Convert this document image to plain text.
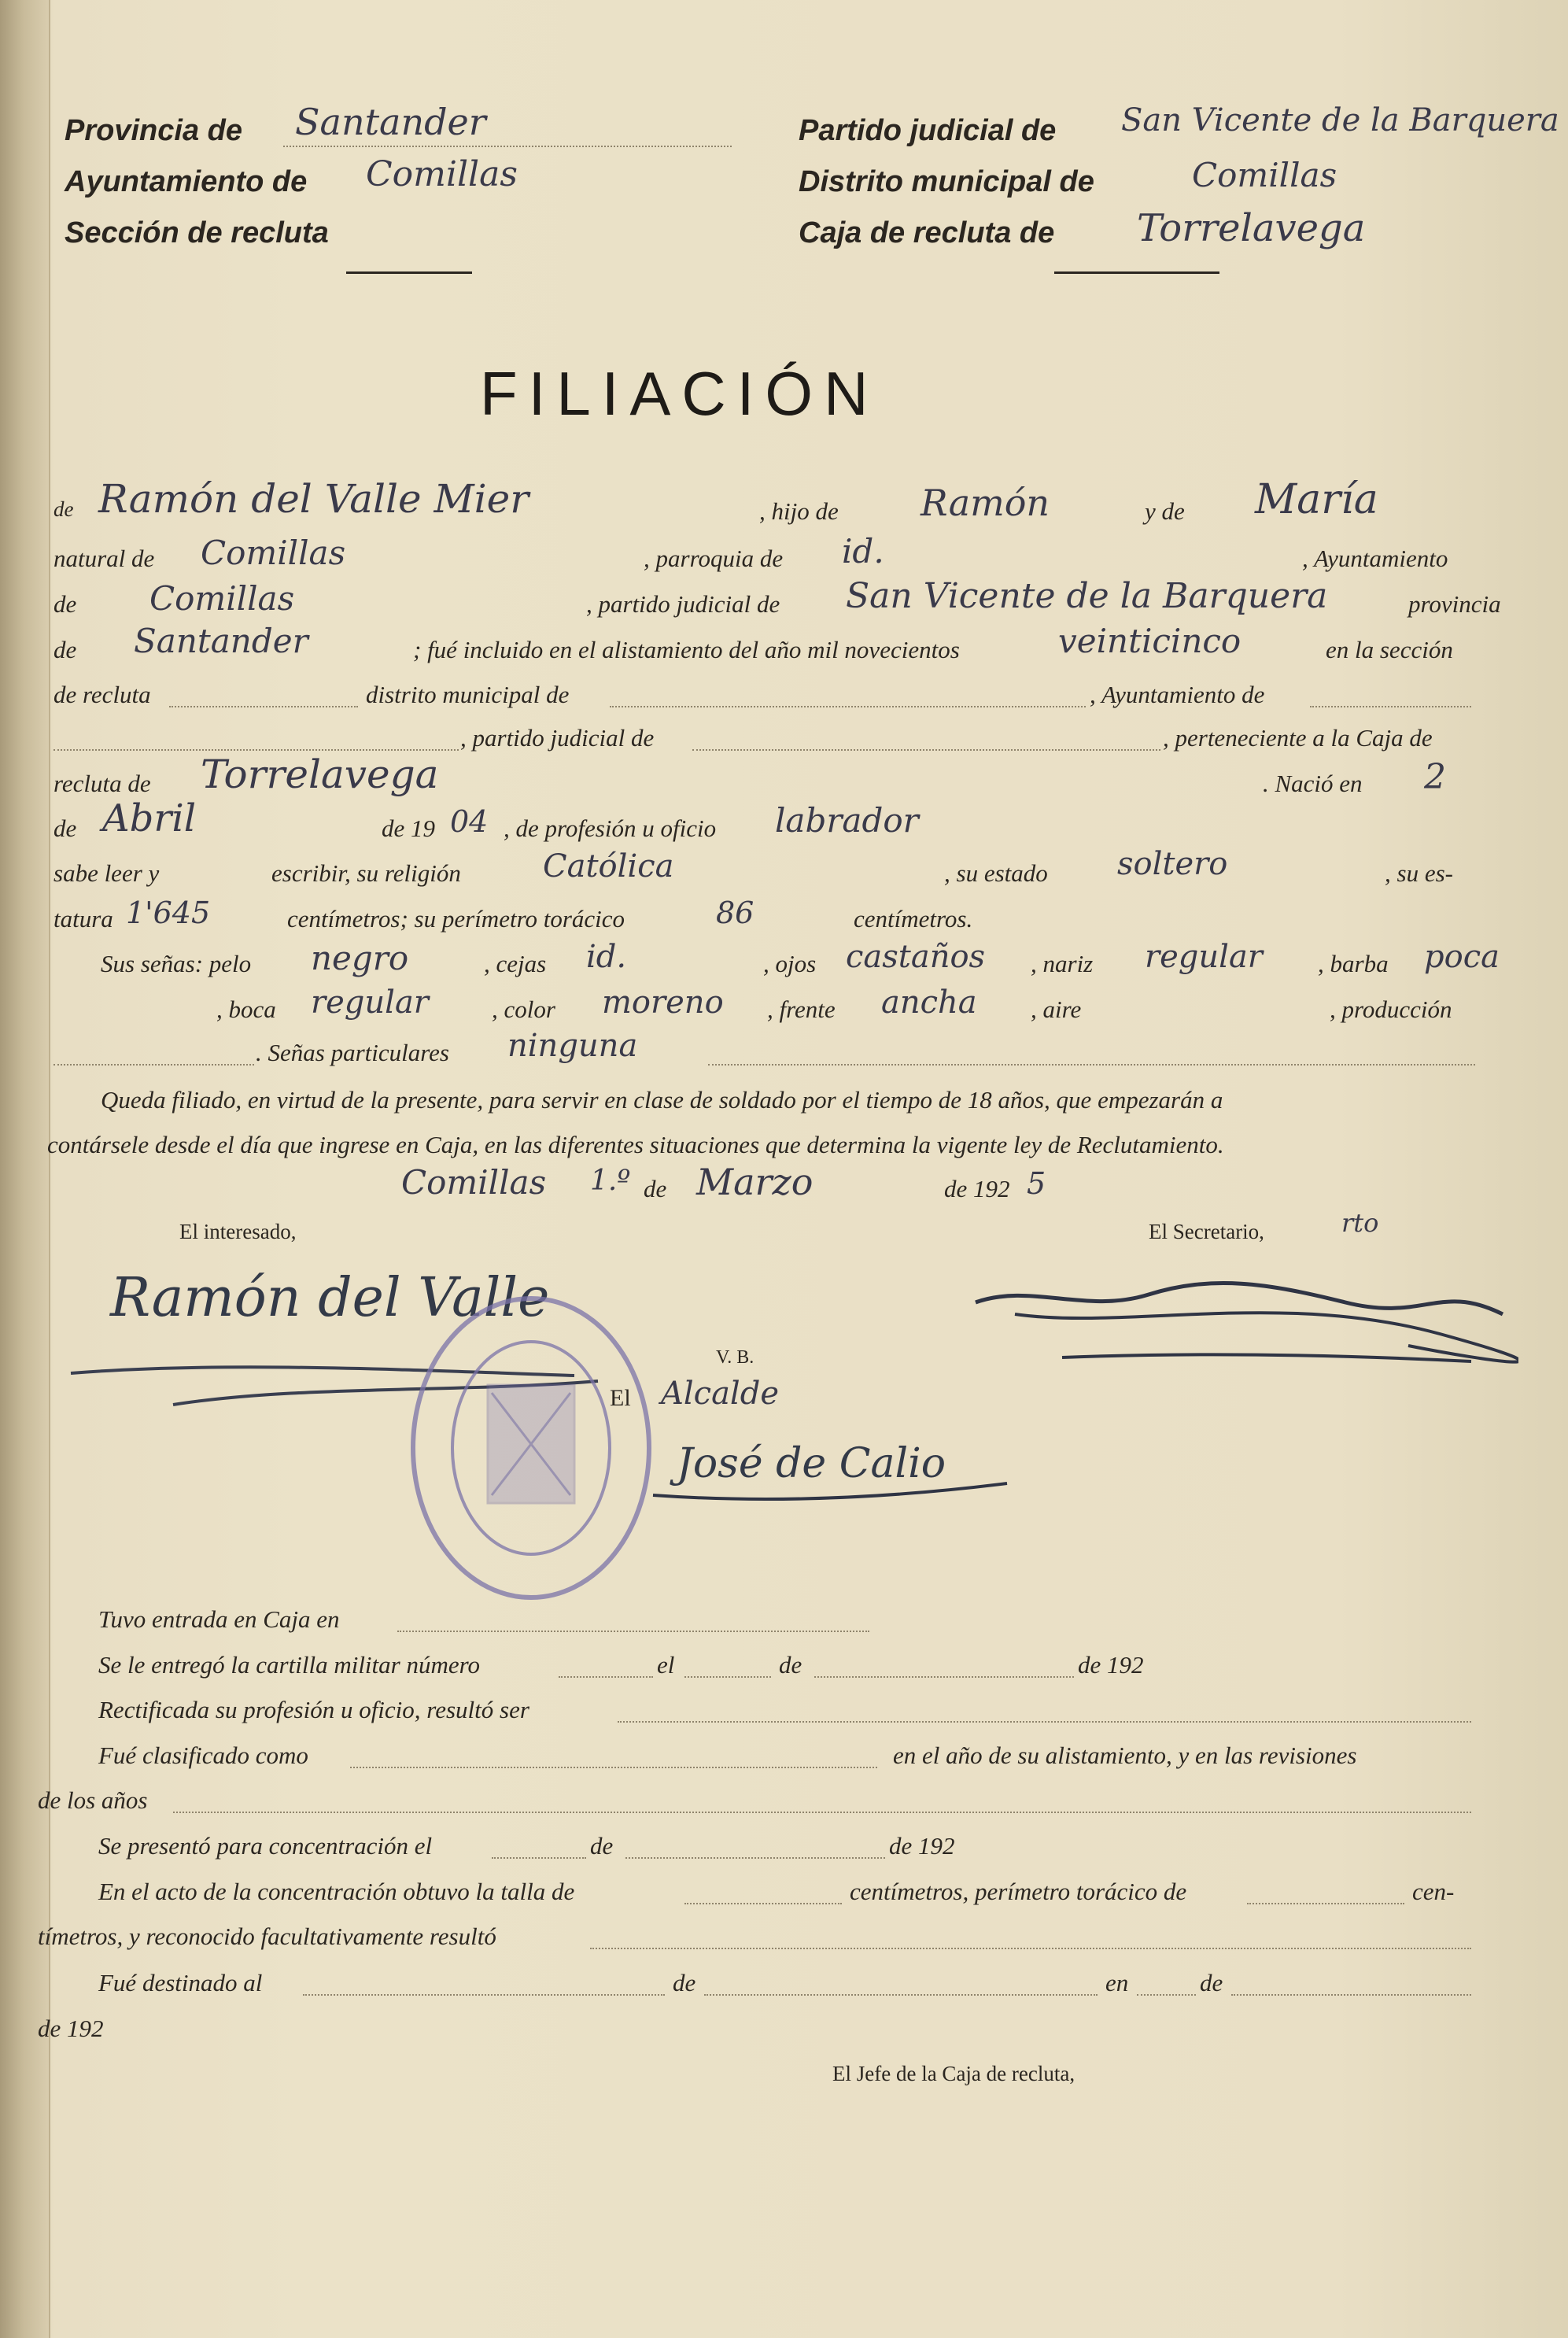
Provincia de Santander
Ayuntamiento de Comillas
Sección de recluta
Partido judicial de San Vicente de la Barquera
Distrito municipal de	Comillas
Caja de recluta de Torrelavega
FILIACIÓN
de Ramón del Valle Mier	, hijo de Ramón	y de María
natural de Comillas	, parroquia de id.	, Ayuntamiento
de Comillas	, partido judicial de San Vicente de la Barquera	provincia
de Santander	; fué incluido en el alistamiento del año mil novecientos	veinticinco	en la sección
de recluta	distrito municipal de	, Ayuntamiento de
, partido judicial de	, perteneciente a la Caja de
recluta de Torrelavega	. Nació en 2
de Abril	de 19 04 , de profesión u oficio labrador
sabe leer y	escribir, su religión	Católica	, su estado soltero	, su es-
tatura 1'645	centímetros; su perímetro torácico	86	centímetros.
Sus señas: pelo negro	, cejas id.	, ojos castaños , nariz regular , barba poca
, boca regular	, color moreno , frente ancha , aire	, producción
. Señas particulares ninguna
Queda filiado, en virtud de la presente, para servir en clase de soldado por el tiempo de 18 años, que empezarán a
contársele desde el día que ingrese en Caja, en las diferentes situaciones que determina la vigente ley de Reclutamiento.
Comillas 1.º de Marzo	de 192 5
El interesado,	El Secretario,	rto
Ramón del Valle
V. B.
El Alcalde
José de Calio
Tuvo entrada en Caja en
Se le entregó la cartilla militar número	el	de	de 192
Rectificada su profesión u oficio, resultó ser
Fué clasificado como	en el año de su alistamiento, y en las revisiones
de los años
Se presentó para concentración el	de	de 192
En el acto de la concentración obtuvo la talla de	centímetros, perímetro torácico de	cen-
tímetros, y reconocido facultativamente resultó
Fué destinado al	de	en	de
de 192
El Jefe de la Caja de recluta,
